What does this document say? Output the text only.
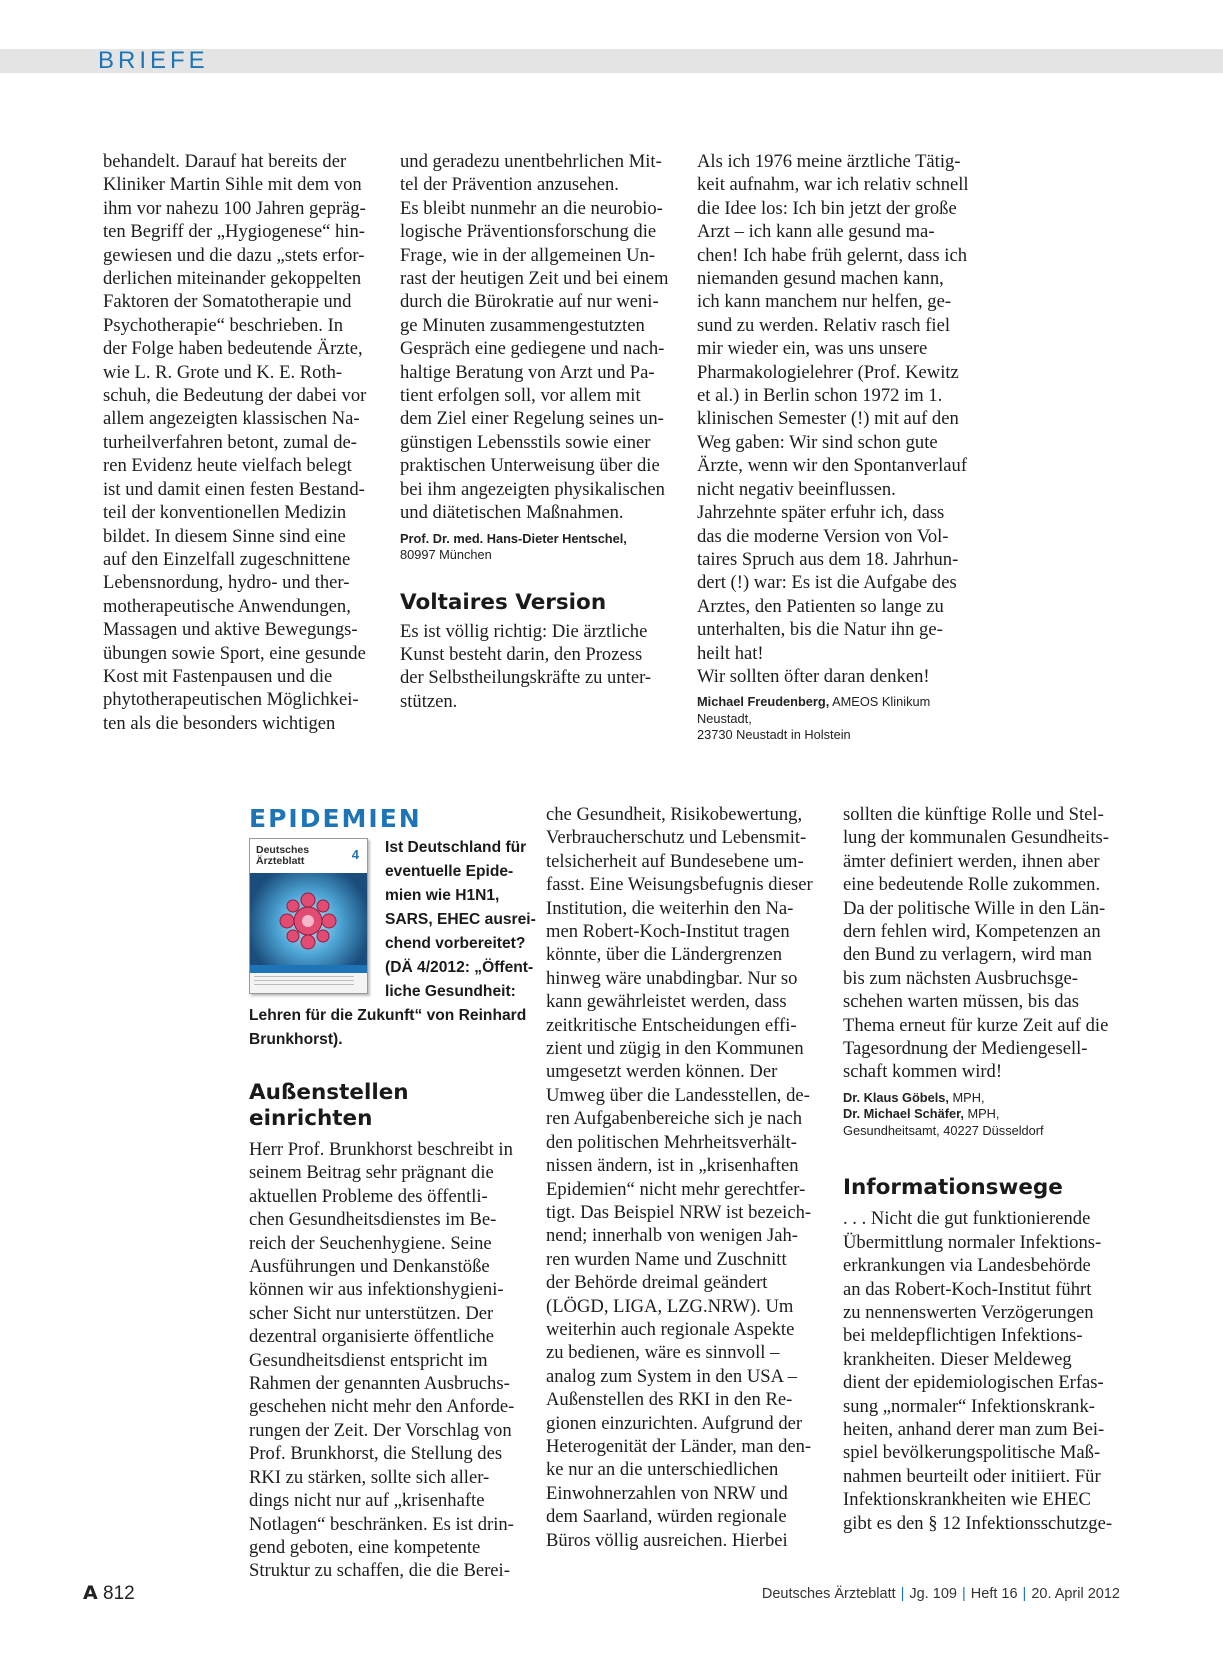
BRIEFE
behandelt. Darauf hat bereits der
Kliniker Martin Sihle mit dem von
ihm vor nahezu 100 Jahren gepräg-
ten Begriff der „Hygiogenese“ hin-
gewiesen und die dazu „stets erfor-
derlichen miteinander gekoppelten
Faktoren der Somatotherapie und
Psychotherapie“ beschrieben. In
der Folge haben bedeutende Ärzte,
wie L. R. Grote und K. E. Roth-
schuh, die Bedeutung der dabei vor
allem angezeigten klassischen Na-
turheilverfahren betont, zumal de-
ren Evidenz heute vielfach belegt
ist und damit einen festen Bestand-
teil der konventionellen Medizin
bildet. In diesem Sinne sind eine
auf den Einzelfall zugeschnittene
Lebensnordung, hydro- und ther-
motherapeutische Anwendungen,
Massagen und aktive Bewegungs-
übungen sowie Sport, eine gesunde
Kost mit Fastenpausen und die
phytotherapeutischen Möglichkei-
ten als die besonders wichtigen
und geradezu unentbehrlichen Mit-
tel der Prävention anzusehen.
Es bleibt nunmehr an die neurobio-
logische Präventionsforschung die
Frage, wie in der allgemeinen Un-
rast der heutigen Zeit und bei einem
durch die Bürokratie auf nur weni-
ge Minuten zusammengestutzten
Gespräch eine gediegene und nach-
haltige Beratung von Arzt und Pa-
tient erfolgen soll, vor allem mit
dem Ziel einer Regelung seines un-
günstigen Lebensstils sowie einer
praktischen Unterweisung über die
bei ihm angezeigten physikalischen
und diätetischen Maßnahmen.
Prof. Dr. med. Hans-Dieter Hentschel,
80997 München
Voltaires Version
Es ist völlig richtig: Die ärztliche
Kunst besteht darin, den Prozess
der Selbstheilungskräfte zu unter-
stützen.
Als ich 1976 meine ärztliche Tätig-
keit aufnahm, war ich relativ schnell
die Idee los: Ich bin jetzt der große
Arzt – ich kann alle gesund ma-
chen! Ich habe früh gelernt, dass ich
niemanden gesund machen kann,
ich kann manchem nur helfen, ge-
sund zu werden. Relativ rasch fiel
mir wieder ein, was uns unsere
Pharmakologielehrer (Prof. Kewitz
et al.) in Berlin schon 1972 im 1.
klinischen Semester (!) mit auf den
Weg gaben: Wir sind schon gute
Ärzte, wenn wir den Spontanverlauf
nicht negativ beeinflussen.
Jahrzehnte später erfuhr ich, dass
das die moderne Version von Vol-
taires Spruch aus dem 18. Jahrhun-
dert (!) war: Es ist die Aufgabe des
Arztes, den Patienten so lange zu
unterhalten, bis die Natur ihn ge-
heilt hat!
Wir sollten öfter daran denken!
Michael Freudenberg, AMEOS Klinikum Neustadt,
23730 Neustadt in Holstein
EPIDEMIEN
Deutsches Ärzteblatt	4 Ist Deutschland für
eventuelle Epide-
mien wie H1N1,
SARS, EHEC ausrei-
chend vorbereitet?
(DÄ 4/2012: „Öffent-
liche Gesundheit:
Lehren für die Zukunft“ von Reinhard
Brunkhorst).
Außenstellen einrichten
Herr Prof. Brunkhorst beschreibt in
seinem Beitrag sehr prägnant die
aktuellen Probleme des öffentli-
chen Gesundheitsdienstes im Be-
reich der Seuchenhygiene. Seine
Ausführungen und Denkanstöße
können wir aus infektionshygieni-
scher Sicht nur unterstützen. Der
dezentral organisierte öffentliche
Gesundheitsdienst entspricht im
Rahmen der genannten Ausbruchs-
geschehen nicht mehr den Anforde-
rungen der Zeit. Der Vorschlag von
Prof. Brunkhorst, die Stellung des
RKI zu stärken, sollte sich aller-
dings nicht nur auf „krisenhafte
Notlagen“ beschränken. Es ist drin-
gend geboten, eine kompetente
Struktur zu schaffen, die die Berei-
che Gesundheit, Risikobewertung,
Verbraucherschutz und Lebensmit-
telsicherheit auf Bundesebene um-
fasst. Eine Weisungsbefugnis dieser
Institution, die weiterhin den Na-
men Robert-Koch-Institut tragen
könnte, über die Ländergrenzen
hinweg wäre unabdingbar. Nur so
kann gewährleistet werden, dass
zeitkritische Entscheidungen effi-
zient und zügig in den Kommunen
umgesetzt werden können. Der
Umweg über die Landesstellen, de-
ren Aufgabenbereiche sich je nach
den politischen Mehrheitsverhält-
nissen ändern, ist in „krisenhaften
Epidemien“ nicht mehr gerechtfer-
tigt. Das Beispiel NRW ist bezeich-
nend; innerhalb von wenigen Jah-
ren wurden Name und Zuschnitt
der Behörde dreimal geändert
(LÖGD, LIGA, LZG.NRW). Um
weiterhin auch regionale Aspekte
zu bedienen, wäre es sinnvoll –
analog zum System in den USA –
Außenstellen des RKI in den Re-
gionen einzurichten. Aufgrund der
Heterogenität der Länder, man den-
ke nur an die unterschiedlichen
Einwohnerzahlen von NRW und
dem Saarland, würden regionale
Büros völlig ausreichen. Hierbei
sollten die künftige Rolle und Stel-
lung der kommunalen Gesundheits-
ämter definiert werden, ihnen aber
eine bedeutende Rolle zukommen.
Da der politische Wille in den Län-
dern fehlen wird, Kompetenzen an
den Bund zu verlagern, wird man
bis zum nächsten Ausbruchsge-
schehen warten müssen, bis das
Thema erneut für kurze Zeit auf die
Tagesordnung der Mediengesell-
schaft kommen wird!
Dr. Klaus Göbels, MPH,
Dr. Michael Schäfer, MPH,
Gesundheitsamt, 40227 Düsseldorf
Informationswege
. . . Nicht die gut funktionierende
Übermittlung normaler Infektions-
erkrankungen via Landesbehörde
an das Robert-Koch-Institut führt
zu nennenswerten Verzögerungen
bei meldepflichtigen Infektions-
krankheiten. Dieser Meldeweg
dient der epidemiologischen Erfas-
sung „normaler“ Infektionskrank-
heiten, anhand derer man zum Bei-
spiel bevölkerungspolitische Maß-
nahmen beurteilt oder initiiert. Für
Infektionskrankheiten wie EHEC
gibt es den § 12 Infektionsschutzge-
A 812	Deutsches Ärzteblatt | Jg. 109 | Heft 16 | 20. April 2012
